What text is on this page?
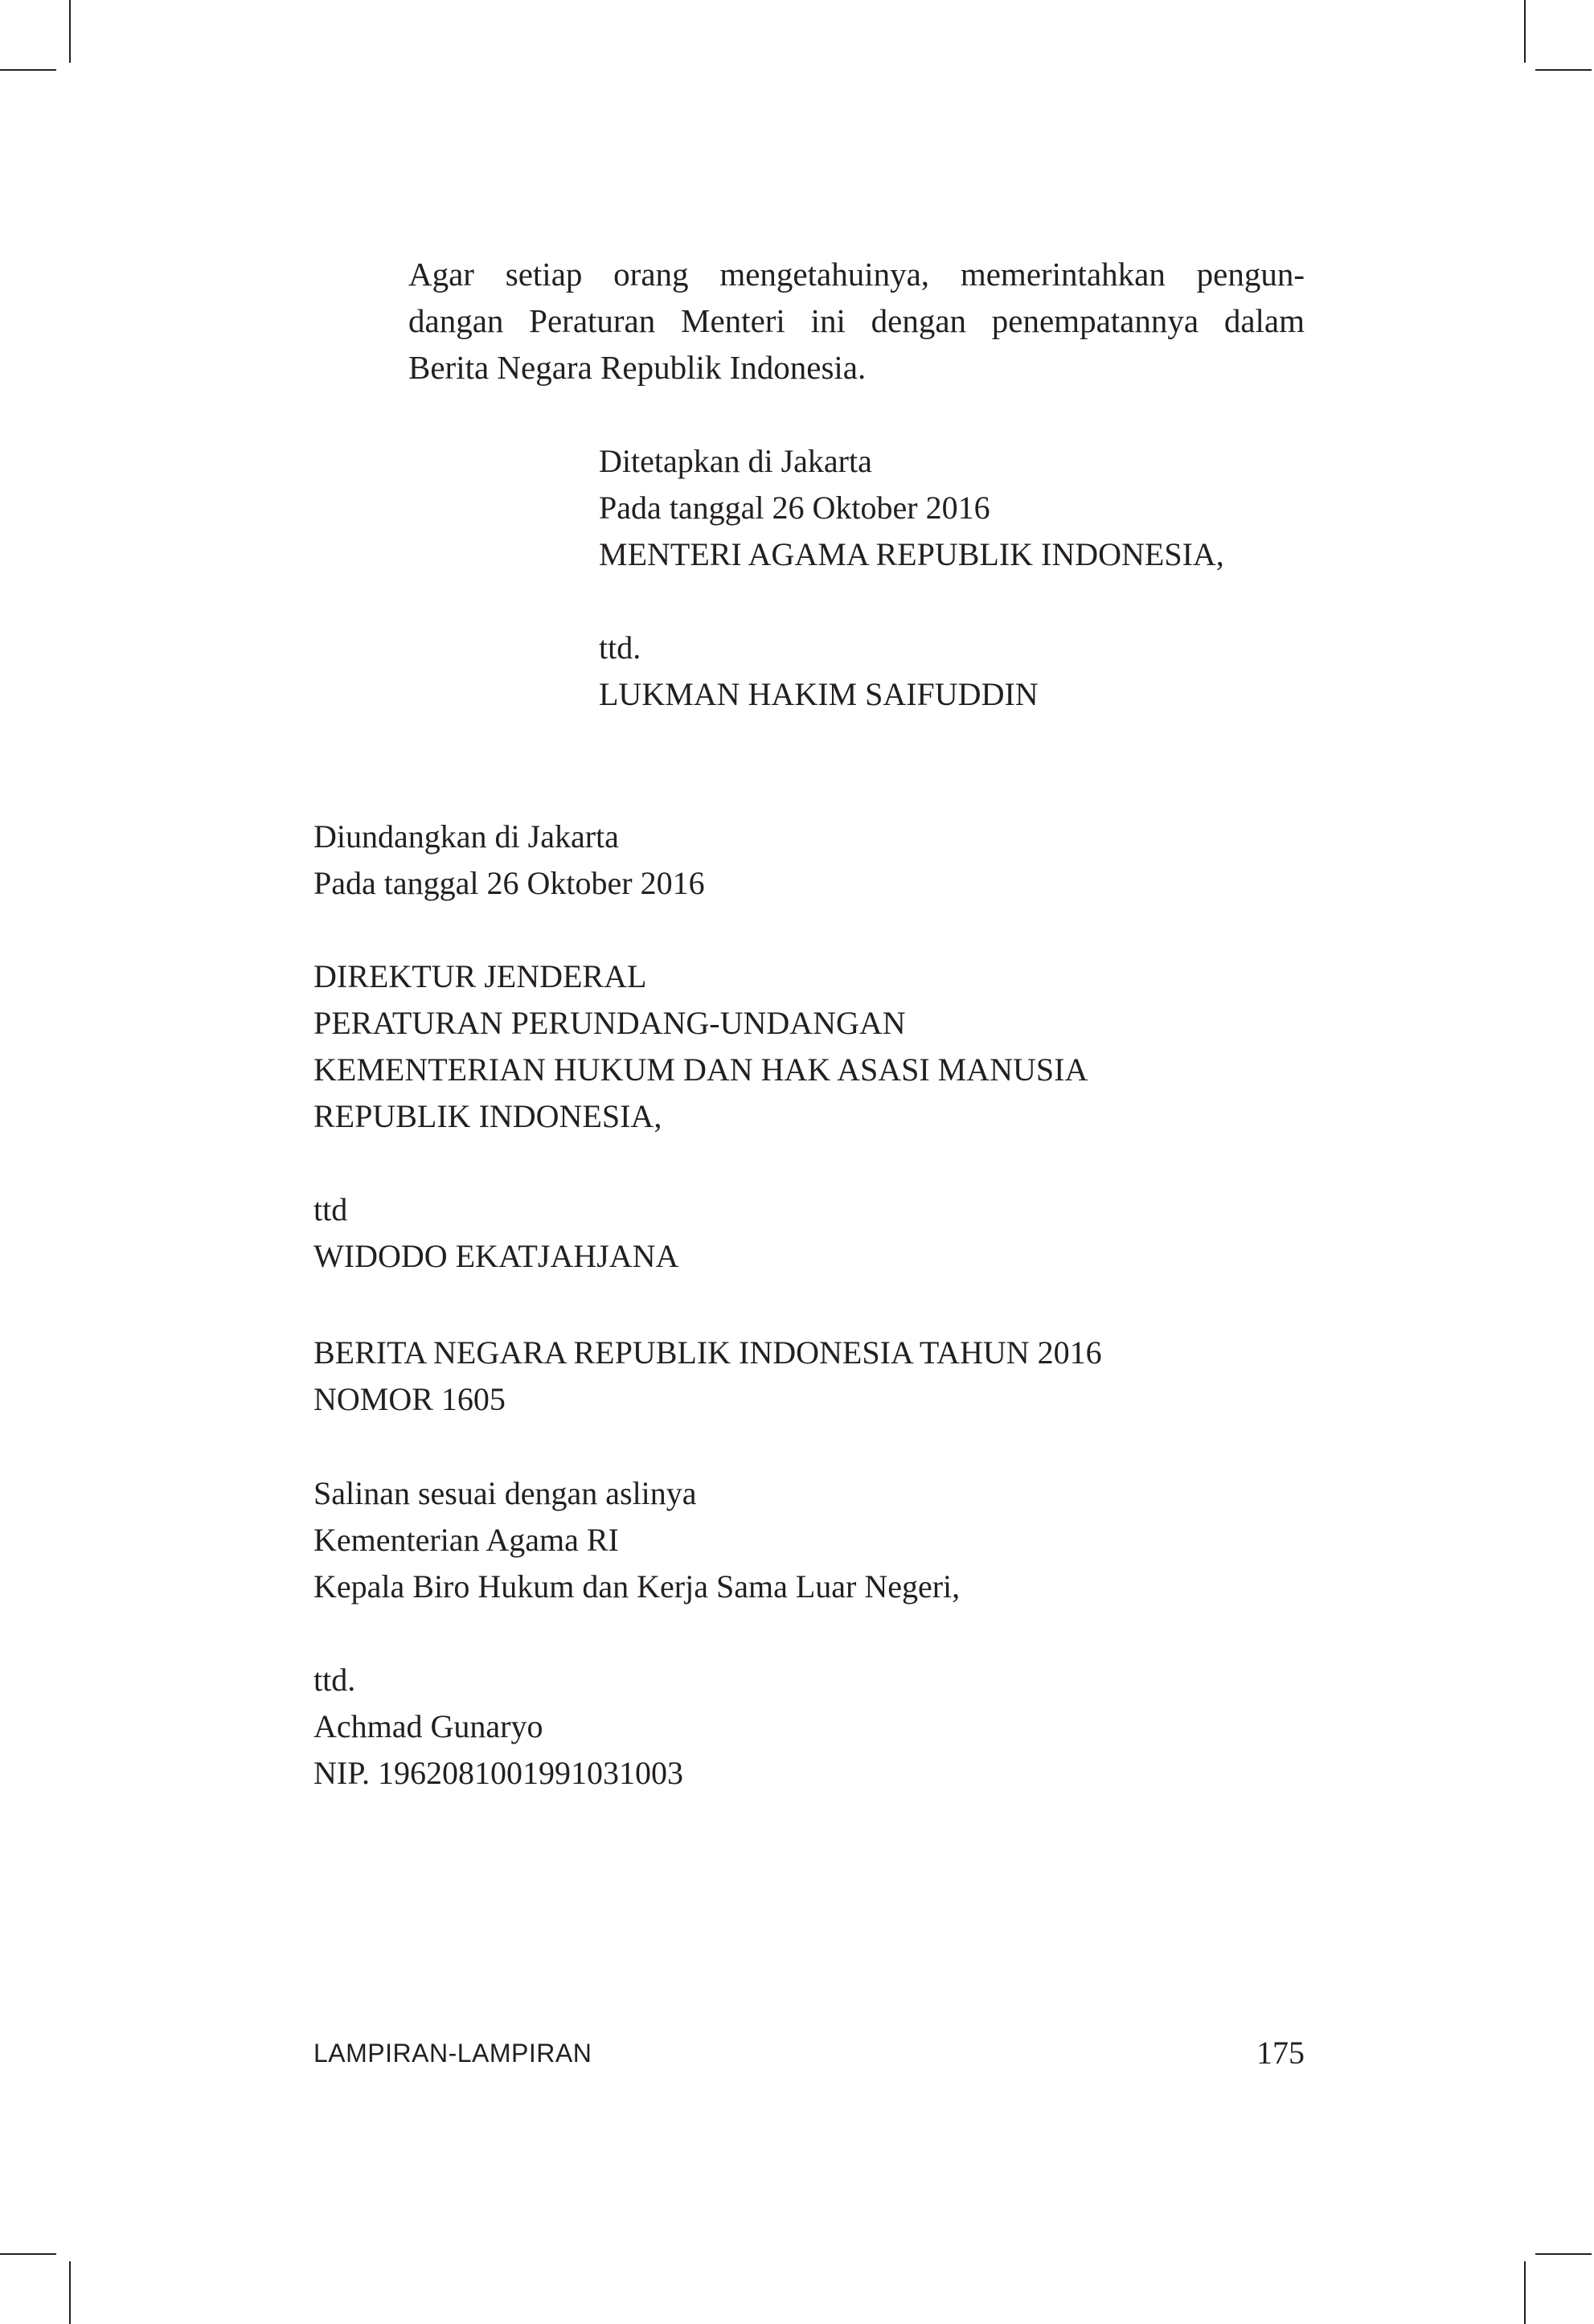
Agar setiap orang mengetahuinya, memerintahkan pengun-
dangan Peraturan Menteri ini dengan penempatannya dalam
Berita Negara Republik Indonesia.
Ditetapkan di Jakarta
Pada tanggal 26 Oktober 2016
MENTERI AGAMA REPUBLIK INDONESIA,
ttd.
LUKMAN HAKIM SAIFUDDIN
Diundangkan di Jakarta
Pada tanggal 26 Oktober 2016
DIREKTUR JENDERAL
PERATURAN PERUNDANG-UNDANGAN
KEMENTERIAN HUKUM DAN HAK ASASI MANUSIA
REPUBLIK INDONESIA,
ttd
WIDODO EKATJAHJANA
BERITA NEGARA REPUBLIK INDONESIA TAHUN 2016
NOMOR 1605
Salinan sesuai dengan aslinya
Kementerian Agama RI
Kepala Biro Hukum dan Kerja Sama Luar Negeri,
ttd.
Achmad Gunaryo
NIP. 1962081001991031003
LAMPIRAN-LAMPIRAN	175
